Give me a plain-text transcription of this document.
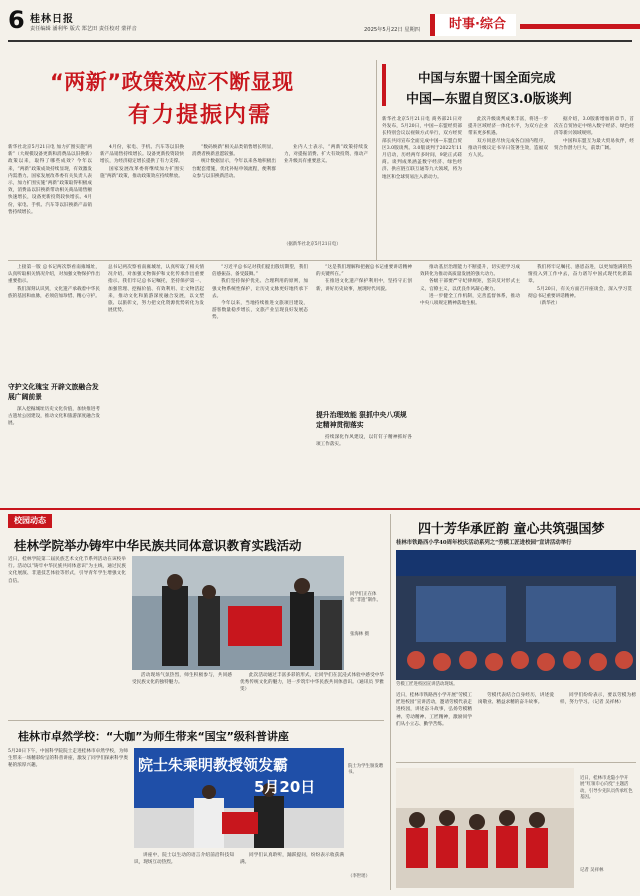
6 桂林日报
责任编辑 潘利华 版式 郑艺田 责任校对 蒙祥音	2025年5月22日 星期四	时事·综合
“两新”政策效应不断显现
有力提振内需
新华社北京5月21日电 加力扩围实施“两新”（大规模设备更新和消费品以旧换新）政策以来，取得了哪些成效？今年以来，“两新”政策成效持续显现，有效激发内需潜力。国家发展改革委有关负责人表示，加力扩围实施“两新”政策取得积极成效，消费品以旧换新带动相关商品销售额快速增长，设备更新投资较快增长。4月份，家电、手机、汽车等以旧换新产品销售持续增长。

4月份，家电、手机、汽车等以旧换新产品销售持续增长。设备更新投资较快增长，为经济稳定增长提供了有力支撑。

国家发展改革委将继续加力扩围实施“两新”政策，推动政策效应持续释放。

“数码焕新”相关品类销售增长明显，消费者换新意愿较强。

统计数据显示，今年以来各地积极出台配套措施，优化补贴申领流程，便利群众参与以旧换新活动。

业内人士表示，“两新”政策持续发力，对提振消费、扩大有效投资、推动产业升级具有重要意义。

（据新华社北京5月21日电）
中国与东盟十国全面完成
中国—东盟自贸区3.0版谈判
新华社北京5月21日电 商务部21日对外发布，5月20日，中国—东盟经贸部长特别会议以视频方式举行，双方经贸部长共同宣布全面完成中国—东盟自贸区3.0版谈判。3.0版谈判于2022年11月启动，历经两年多时间，9轮正式磋商。谈判成果涵盖数字经济、绿色经济、供应链互联互通等九大领域，将为地区和全球贸易注入新动力。

此次升级谈判成果丰富，将进一步提升区域经济一体化水平，为双方企业带来更多机遇。

双方同意尽快完成各自国内程序，推动升级议定书早日签署生效，造福双方人民。

据介绍，3.0版新增加的章节，首次在自贸协定中纳入数字经济、绿色经济等新兴领域规则。

中国和东盟互为最大贸易伙伴，经贸合作潜力巨大，前景广阔。

上接第一版 总书记两次察看南雍城址，认真听取相关情况介绍，对加强文物保护作出重要指示。

我们深刻认识到，文化遗产承载着中华民族的基因和血脉，必须倍加珍惜、精心守护。

守护文化瑰宝 开辟文旅融合发展广阔前景

深入挖掘城址历史文化价值，加快推进考古遗址公园建设，推动文化和旅游深度融合发展。

总书记两次察看南雍城址，认真听取了相关情况介绍，对加强文物保护和文化传承作出重要指示。我们牢记总书记嘱托，坚持保护第一、加强管理、挖掘价值、有效利用、让文物活起来，推动文化和旅游深度融合发展，以文塑旅、以旅彰文，努力把文化资源优势转化为发展优势。

“习近平总书记对我们提出殷切期望，我们倍感振奋、备受鼓舞。”

我们坚持保护优先、合理利用的原则，加强文物系统性保护，让历史文脉更好地传承下去。

今年以来，当地持续推进文旅项目建设，游客数量稳步增长，文旅产业呈现良好发展态势。

“这是我们理解和把握总书记重要讲话精神的关键所在。”

在推进文化遗产保护利用中，坚持守正创新，讲好历史故事，展现时代风貌。

提升治理效能 狠抓中央八项规定精神贯彻落实

持续深化作风建设，以钉钉子精神抓好各项工作落实。

推动基层治理能力不断提升，切实把学习成效转化为推动高质量发展的强大动力。

各级干部要严守纪律规矩，坚决反对形式主义、官僚主义，以优良作风凝心聚力。

进一步健全工作机制，完善监督体系，推动中央八项规定精神落地生根。

我们将牢记嘱托、感恩奋进，以更加饱满的热情投入到工作中去，奋力谱写中国式现代化新篇章。

5月20日，有关方面召开座谈会，深入学习贯彻总书记重要讲话精神。

（新华社）

校园动态
桂林学院举办铸牢中华民族共同体意识教育实践活动
近日，桂林学院第二届民族艺术文化节系列活动在该校举行。活动以“铸牢中华民族共同体意识”为主线，通过民族文化展演、非遗技艺体验等形式，引导青年学生增强文化自信。
同学们正在体验“非遗”制作。
张海林 摄

活动现场气氛热烈，师生积极参与，共同感受民族文化的独特魅力。

此次活动通过丰富多彩的形式，让同学们在沉浸式体验中感受中华优秀传统文化的魅力，进一步筑牢中华民族共同体意识。（通讯员 罗雅雯）

四十芳华承匠韵 童心共筑强国梦
桂林市铁路西小学40周年校庆活动系列之“劳模工匠进校园”宣讲活动举行
劳模工匠进校园宣讲活动现场。
近日，桂林市铁路西小学开展“劳模工匠进校园”宣讲活动，邀请劳模代表走进校园，讲述奋斗故事，弘扬劳模精神、劳动精神、工匠精神，激励同学们从小立志、勤学苦练。

劳模代表结合自身经历，讲述爱岗敬业、精益求精的奋斗故事。

同学们纷纷表示，要以劳模为榜样，努力学习。（记者 吴祥林）

近日，桂林市龙隐小学开展“红领巾心向党”主题活动，引导少先队员传承红色基因。
记者 吴祥林
桂林市卓然学校：“大咖”为师生带来“国宝”级科普讲座
5月20日下午，中国科学院院士走进桂林市卓然学校，为师生带来一场精彩纷呈的科普讲座，激发了同学们探索科学奥秘的浓厚兴趣。	院士朱乘明教授领发霸
5月20日
院士为学生颁发聘书。

讲座中，院士以生动的语言介绍前沿科技知识，现场互动热烈。

同学们认真聆听，踊跃提问，纷纷表示收获满满。

（李世瑶）
